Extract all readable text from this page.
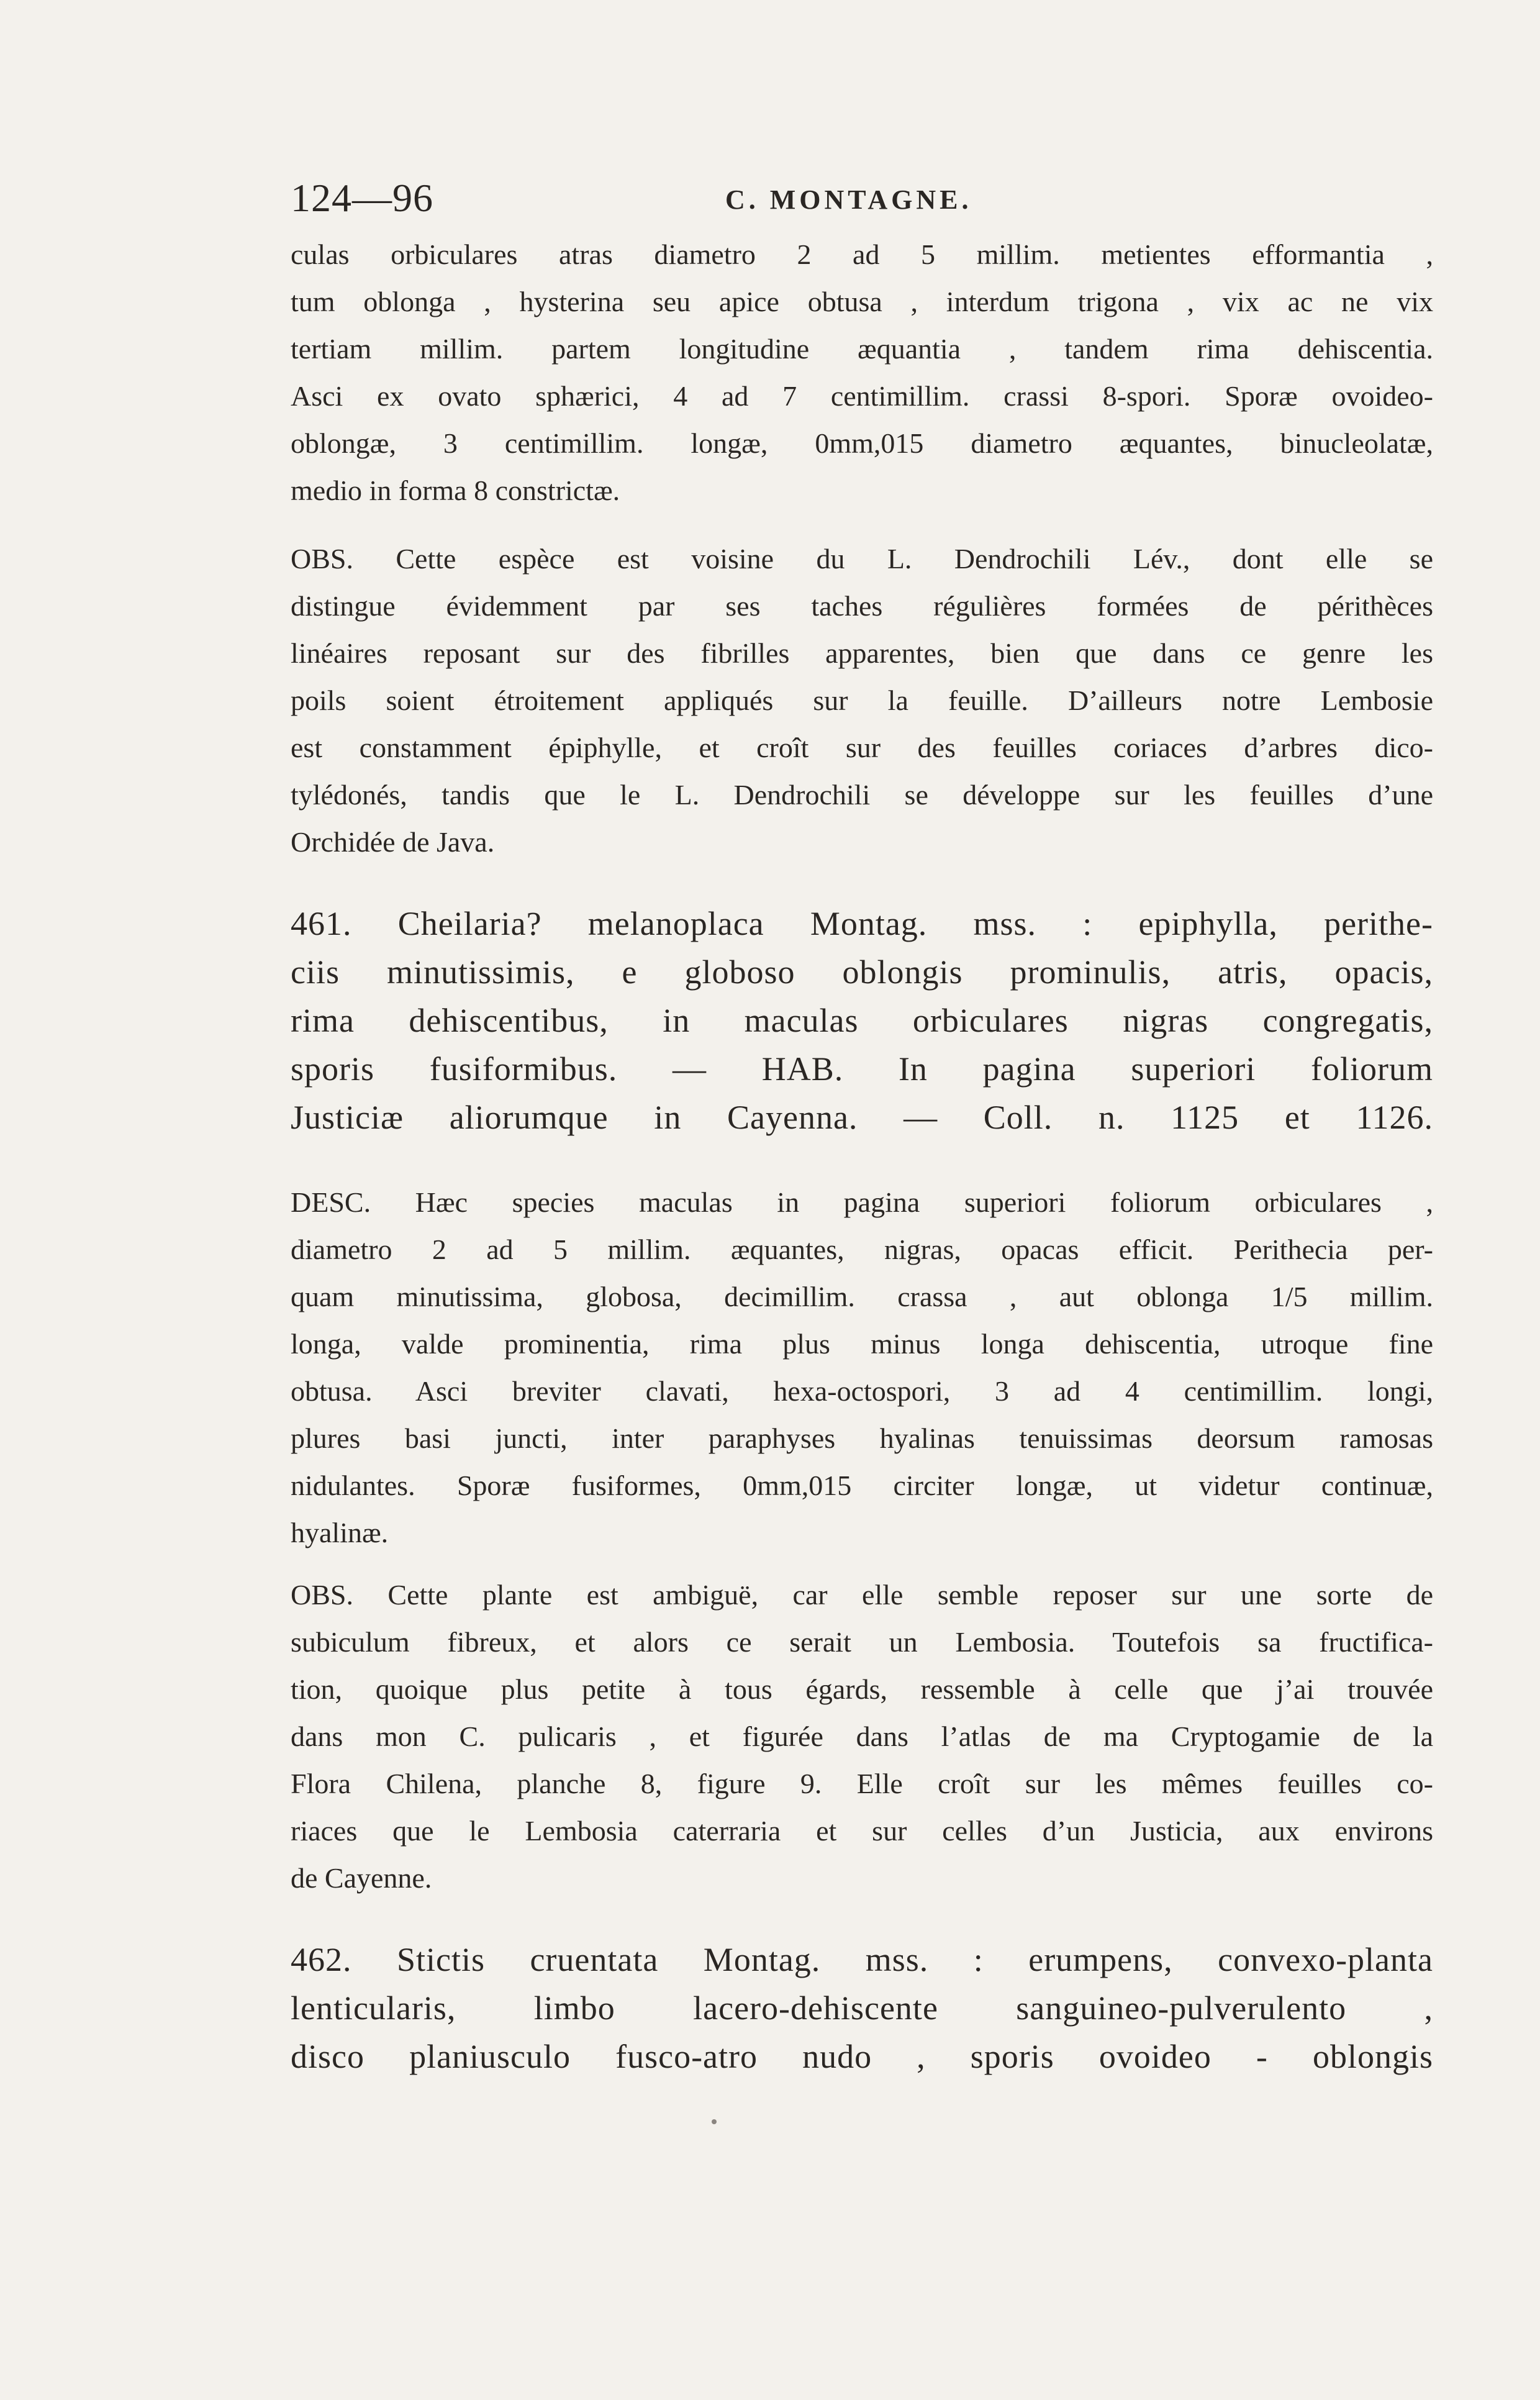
124—96	C. MONTAGNE.
culas orbiculares atras diametro 2 ad 5 millim. metientes efformantia ,
tum oblonga , hysterina seu apice obtusa , interdum trigona , vix ac ne vix
tertiam millim. partem longitudine æquantia , tandem rima dehiscentia.
Asci ex ovato sphærici, 4 ad 7 centimillim. crassi 8-spori. Sporæ ovoideo-
oblongæ, 3 centimillim. longæ, 0mm,015 diametro æquantes, binucleolatæ,
medio in forma 8 constrictæ.
OBS. Cette espèce est voisine du L. Dendrochili Lév., dont elle se
distingue évidemment par ses taches régulières formées de périthèces
linéaires reposant sur des fibrilles apparentes, bien que dans ce genre les
poils soient étroitement appliqués sur la feuille. D’ailleurs notre Lembosie
est constamment épiphylle, et croît sur des feuilles coriaces d’arbres dico-
tylédonés, tandis que le L. Dendrochili se développe sur les feuilles d’une
Orchidée de Java.
461. Cheilaria? melanoplaca Montag. mss. : epiphylla, perithe-
ciis minutissimis, e globoso oblongis prominulis, atris, opacis,
rima dehiscentibus, in maculas orbiculares nigras congregatis,
sporis fusiformibus. — HAB. In pagina superiori foliorum
Justiciæ aliorumque in Cayenna. — Coll. n. 1125 et 1126.
DESC. Hæc species maculas in pagina superiori foliorum orbiculares ,
diametro 2 ad 5 millim. æquantes, nigras, opacas efficit. Perithecia per-
quam minutissima, globosa, decimillim. crassa , aut oblonga 1/5 millim.
longa, valde prominentia, rima plus minus longa dehiscentia, utroque fine
obtusa. Asci breviter clavati, hexa-octospori, 3 ad 4 centimillim. longi,
plures basi juncti, inter paraphyses hyalinas tenuissimas deorsum ramosas
nidulantes. Sporæ fusiformes, 0mm,015 circiter longæ, ut videtur continuæ,
hyalinæ.
OBS. Cette plante est ambiguë, car elle semble reposer sur une sorte de
subiculum fibreux, et alors ce serait un Lembosia. Toutefois sa fructifica-
tion, quoique plus petite à tous égards, ressemble à celle que j’ai trouvée
dans mon C. pulicaris , et figurée dans l’atlas de ma Cryptogamie de la
Flora Chilena, planche 8, figure 9. Elle croît sur les mêmes feuilles co-
riaces que le Lembosia caterraria et sur celles d’un Justicia, aux environs
de Cayenne.
462. Stictis cruentata Montag. mss. : erumpens, convexo-planta
lenticularis, limbo lacero-dehiscente sanguineo-pulverulento ,
disco planiusculo fusco-atro nudo , sporis ovoideo - oblongis
